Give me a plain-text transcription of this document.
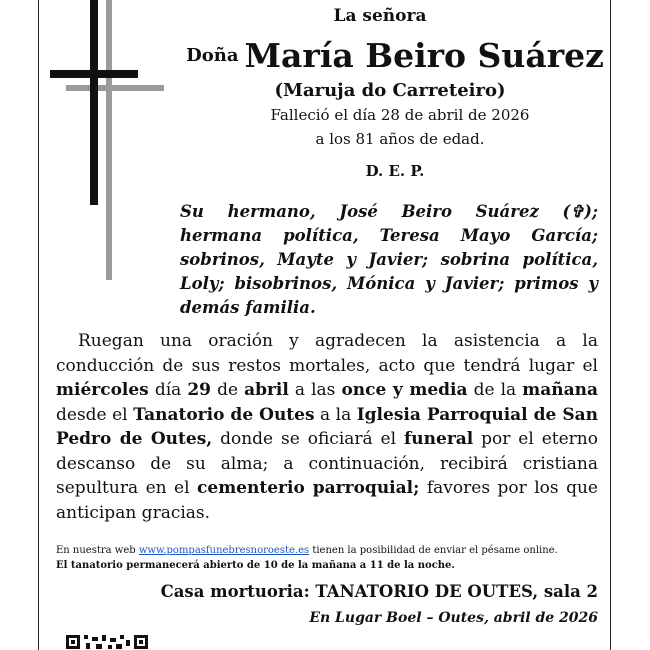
La señora
Doña María Beiro Suárez
(Maruja do Carreteiro)
Falleció el día 28 de abril de 2026
a los 81 años de edad.
D. E. P.
Su hermano, José Beiro Suárez (✞);
hermana política, Teresa Mayo García;
sobrinos, Mayte y Javier; sobrina política,
Loly; bisobrinos, Mónica y Javier; primos y
demás familia.
Ruegan una oración y agradecen la asistencia a la
conducción de sus restos mortales, acto que tendrá lugar el
miércoles día 29 de abril a las once y media de la mañana
desde el Tanatorio de Outes a la Iglesia Parroquial de San
Pedro de Outes, donde se oficiará el funeral por el eterno
descanso de su alma; a continuación, recibirá cristiana
sepultura en el cementerio parroquial; favores por los que
anticipan gracias.
En nuestra web www.pompasfunebresnoroeste.es tienen la posibilidad de enviar el pésame online.
El tanatorio permanecerá abierto de 10 de la mañana a 11 de la noche.
Casa mortuoria: TANATORIO DE OUTES, sala 2
En Lugar Boel – Outes, abril de 2026
